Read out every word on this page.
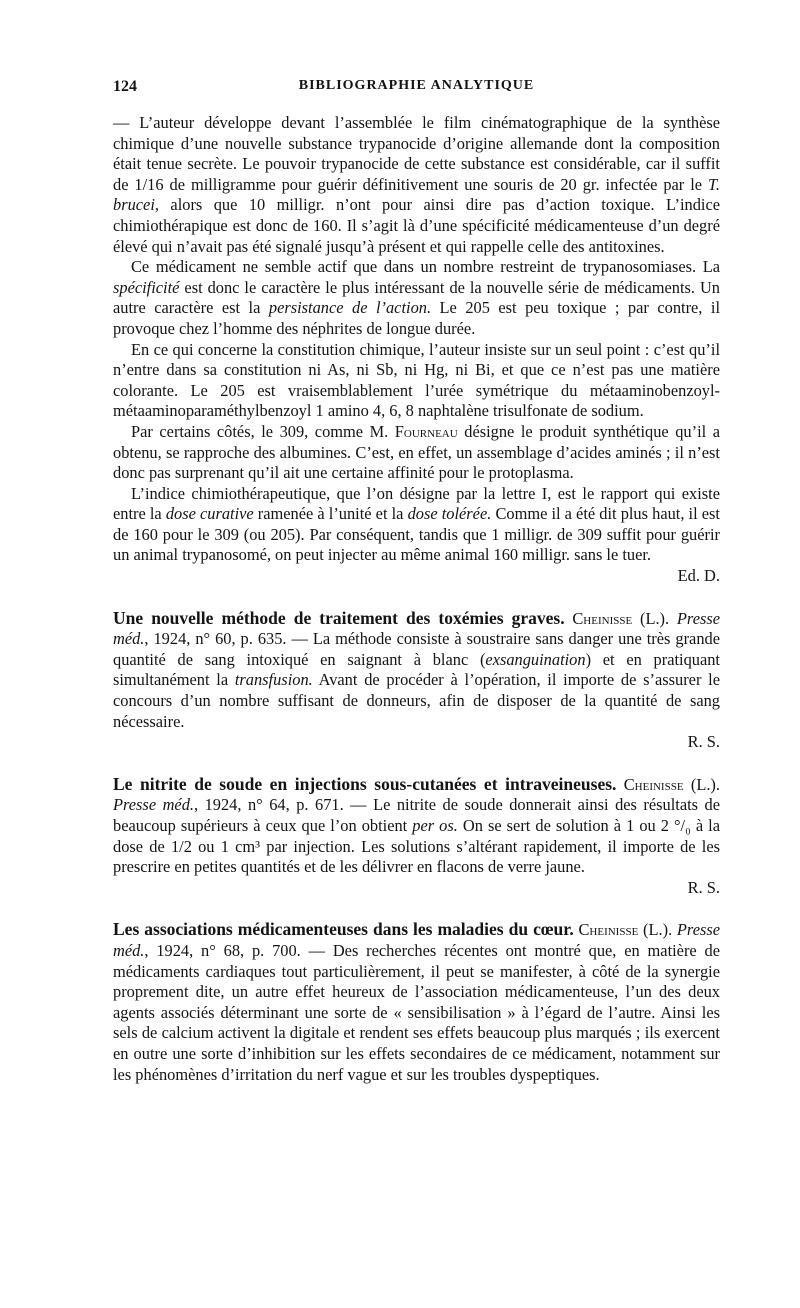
124	BIBLIOGRAPHIE ANALYTIQUE

— L’auteur développe devant l’assemblée le film cinématographique de la synthèse chimique d’une nouvelle substance trypanocide d’origine allemande dont la composition était tenue secrète. Le pouvoir trypanocide de cette substance est considérable, car il suffit de 1/16 de milligramme pour guérir définitivement une souris de 20 gr. infectée par le T. brucei, alors que 10 milligr. n’ont pour ainsi dire pas d’action toxique. L’indice chimiothérapique est donc de 160. Il s’agit là d’une spécificité médicamenteuse d’un degré élevé qui n’avait pas été signalé jusqu’à présent et qui rappelle celle des antitoxines.

Ce médicament ne semble actif que dans un nombre restreint de trypanosomiases. La spécificité est donc le caractère le plus intéressant de la nouvelle série de médicaments. Un autre caractère est la persistance de l’action. Le 205 est peu toxique ; par contre, il provoque chez l’homme des néphrites de longue durée.

En ce qui concerne la constitution chimique, l’auteur insiste sur un seul point : c’est qu’il n’entre dans sa constitution ni As, ni Sb, ni Hg, ni Bi, et que ce n’est pas une matière colorante. Le 205 est vraisemblablement l’urée symétrique du métaaminobenzoyl-métaaminoparaméthylbenzoyl 1 amino 4, 6, 8 naphtalène trisulfonate de sodium.

Par certains côtés, le 309, comme M. Fourneau désigne le produit synthétique qu’il a obtenu, se rapproche des albumines. C’est, en effet, un assemblage d’acides aminés ; il n’est donc pas surprenant qu’il ait une certaine affinité pour le protoplasma.

L’indice chimiothérapeutique, que l’on désigne par la lettre I, est le rapport qui existe entre la dose curative ramenée à l’unité et la dose tolérée. Comme il a été dit plus haut, il est de 160 pour le 309 (ou 205). Par conséquent, tandis que 1 milligr. de 309 suffit pour guérir un animal trypanosomé, on peut injecter au même animal 160 milligr. sans le tuer.

Ed. D.

Une nouvelle méthode de traitement des toxémies graves. Cheinisse (L.). Presse méd., 1924, n° 60, p. 635. — La méthode consiste à soustraire sans danger une très grande quantité de sang intoxiqué en saignant à blanc (exsanguination) et en pratiquant simultanément la transfusion. Avant de procéder à l’opération, il importe de s’assurer le concours d’un nombre suffisant de donneurs, afin de disposer de la quantité de sang nécessaire.

R. S.

Le nitrite de soude en injections sous-cutanées et intraveineuses. Cheinisse (L.). Presse méd., 1924, n° 64, p. 671. — Le nitrite de soude donnerait ainsi des résultats de beaucoup supérieurs à ceux que l’on obtient per os. On se sert de solution à 1 ou 2 °/₀ à la dose de 1/2 ou 1 cm³ par injection. Les solutions s’altérant rapidement, il importe de les prescrire en petites quantités et de les délivrer en flacons de verre jaune.

R. S.

Les associations médicamenteuses dans les maladies du cœur. Cheinisse (L.). Presse méd., 1924, n° 68, p. 700. — Des recherches récentes ont montré que, en matière de médicaments cardiaques tout particulièrement, il peut se manifester, à côté de la synergie proprement dite, un autre effet heureux de l’association médicamenteuse, l’un des deux agents associés déterminant une sorte de « sensibilisation » à l’égard de l’autre. Ainsi les sels de calcium activent la digitale et rendent ses effets beaucoup plus marqués ; ils exercent en outre une sorte d’inhibition sur les effets secondaires de ce médicament, notamment sur les phénomènes d’irritation du nerf vague et sur les troubles dyspeptiques.
